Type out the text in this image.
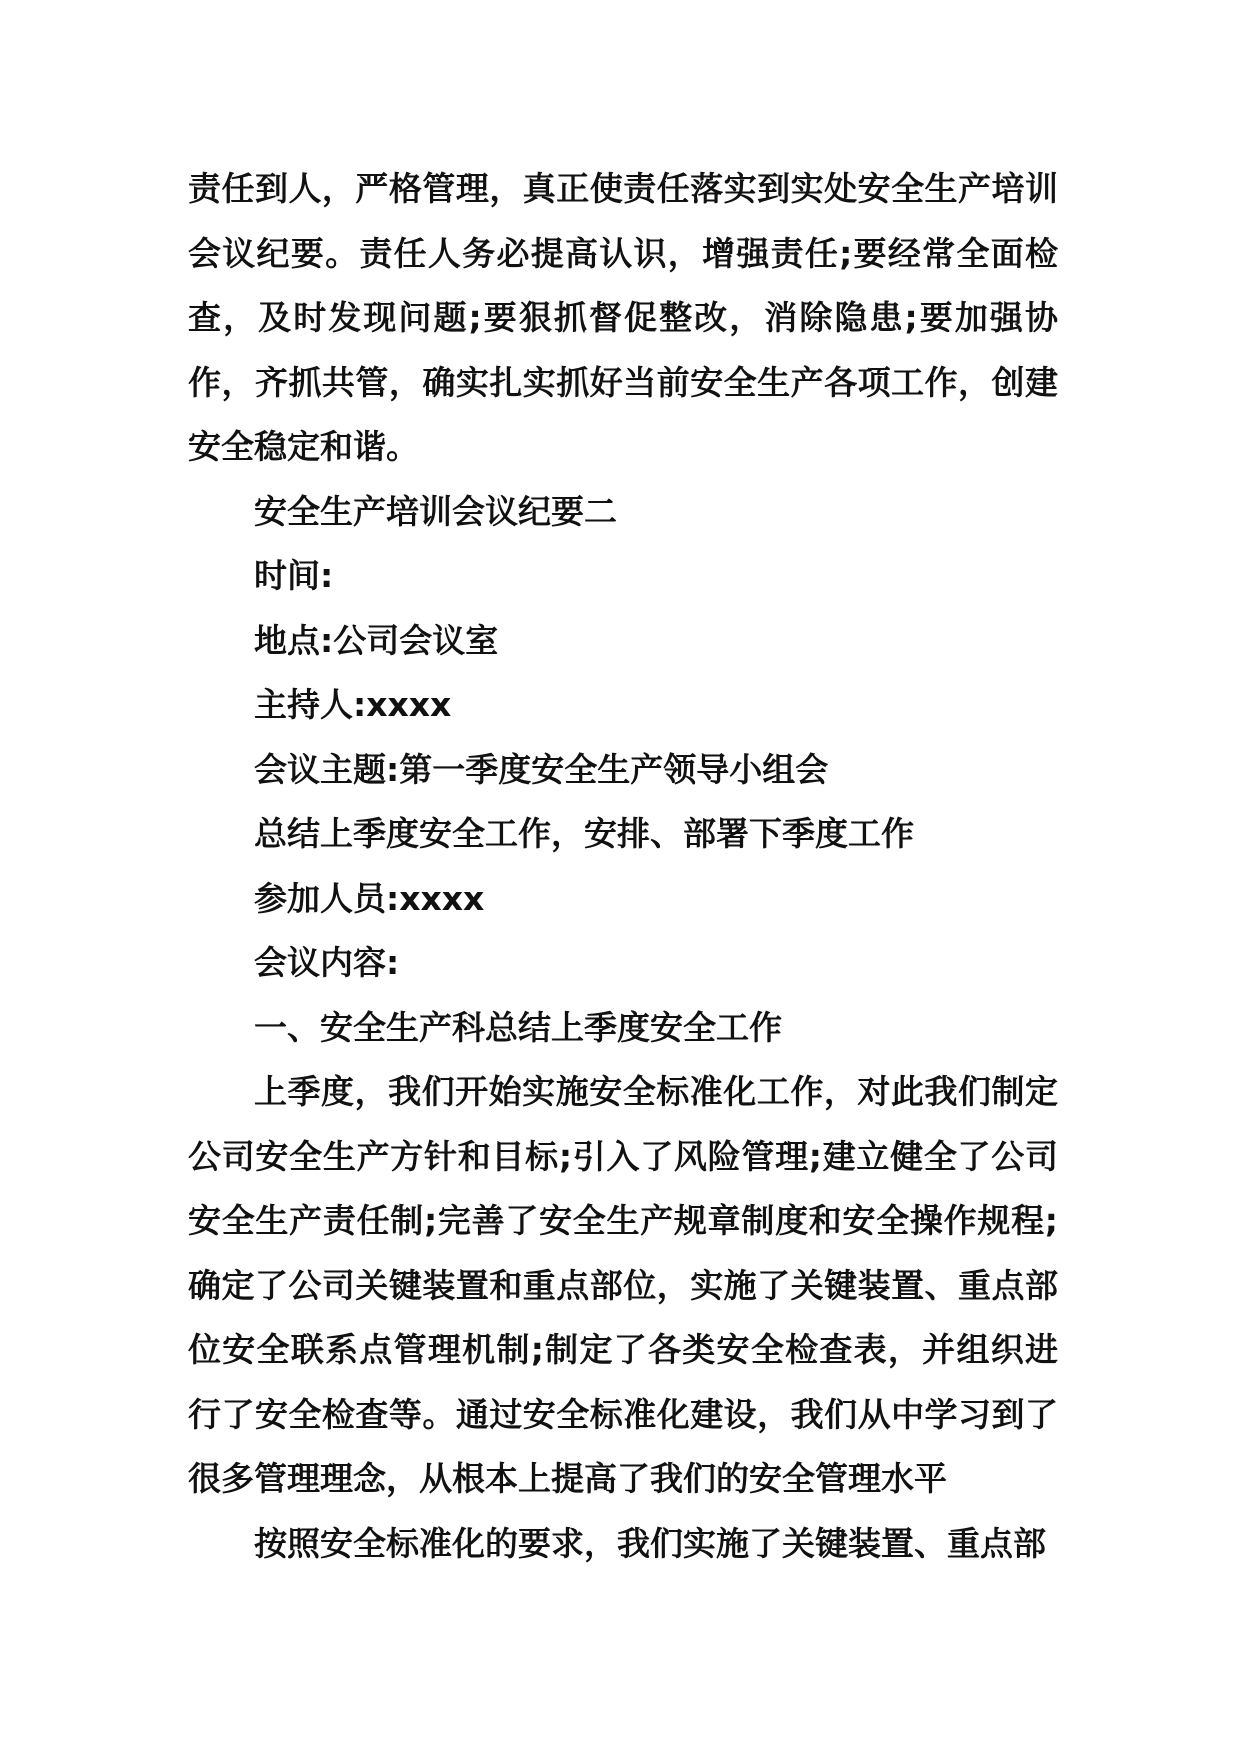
责任到人，严格管理，真正使责任落实到实处安全生产培训会议纪要。责任人务必提高认识，增强责任;要经常全面检查，及时发现问题;要狠抓督促整改，消除隐患;要加强协作，齐抓共管，确实扎实抓好当前安全生产各项工作，创建安全稳定和谐。

安全生产培训会议纪要二

时间:

地点:公司会议室

主持人:xxxx

会议主题:第一季度安全生产领导小组会

总结上季度安全工作，安排、部署下季度工作

参加人员:xxxx

会议内容:

一、安全生产科总结上季度安全工作

上季度，我们开始实施安全标准化工作，对此我们制定公司安全生产方针和目标;引入了风险管理;建立健全了公司安全生产责任制;完善了安全生产规章制度和安全操作规程;确定了公司关键装置和重点部位，实施了关键装置、重点部位安全联系点管理机制;制定了各类安全检查表，并组织进行了安全检查等。通过安全标准化建设，我们从中学习到了很多管理理念，从根本上提高了我们的安全管理水平

按照安全标准化的要求，我们实施了关键装置、重点部
